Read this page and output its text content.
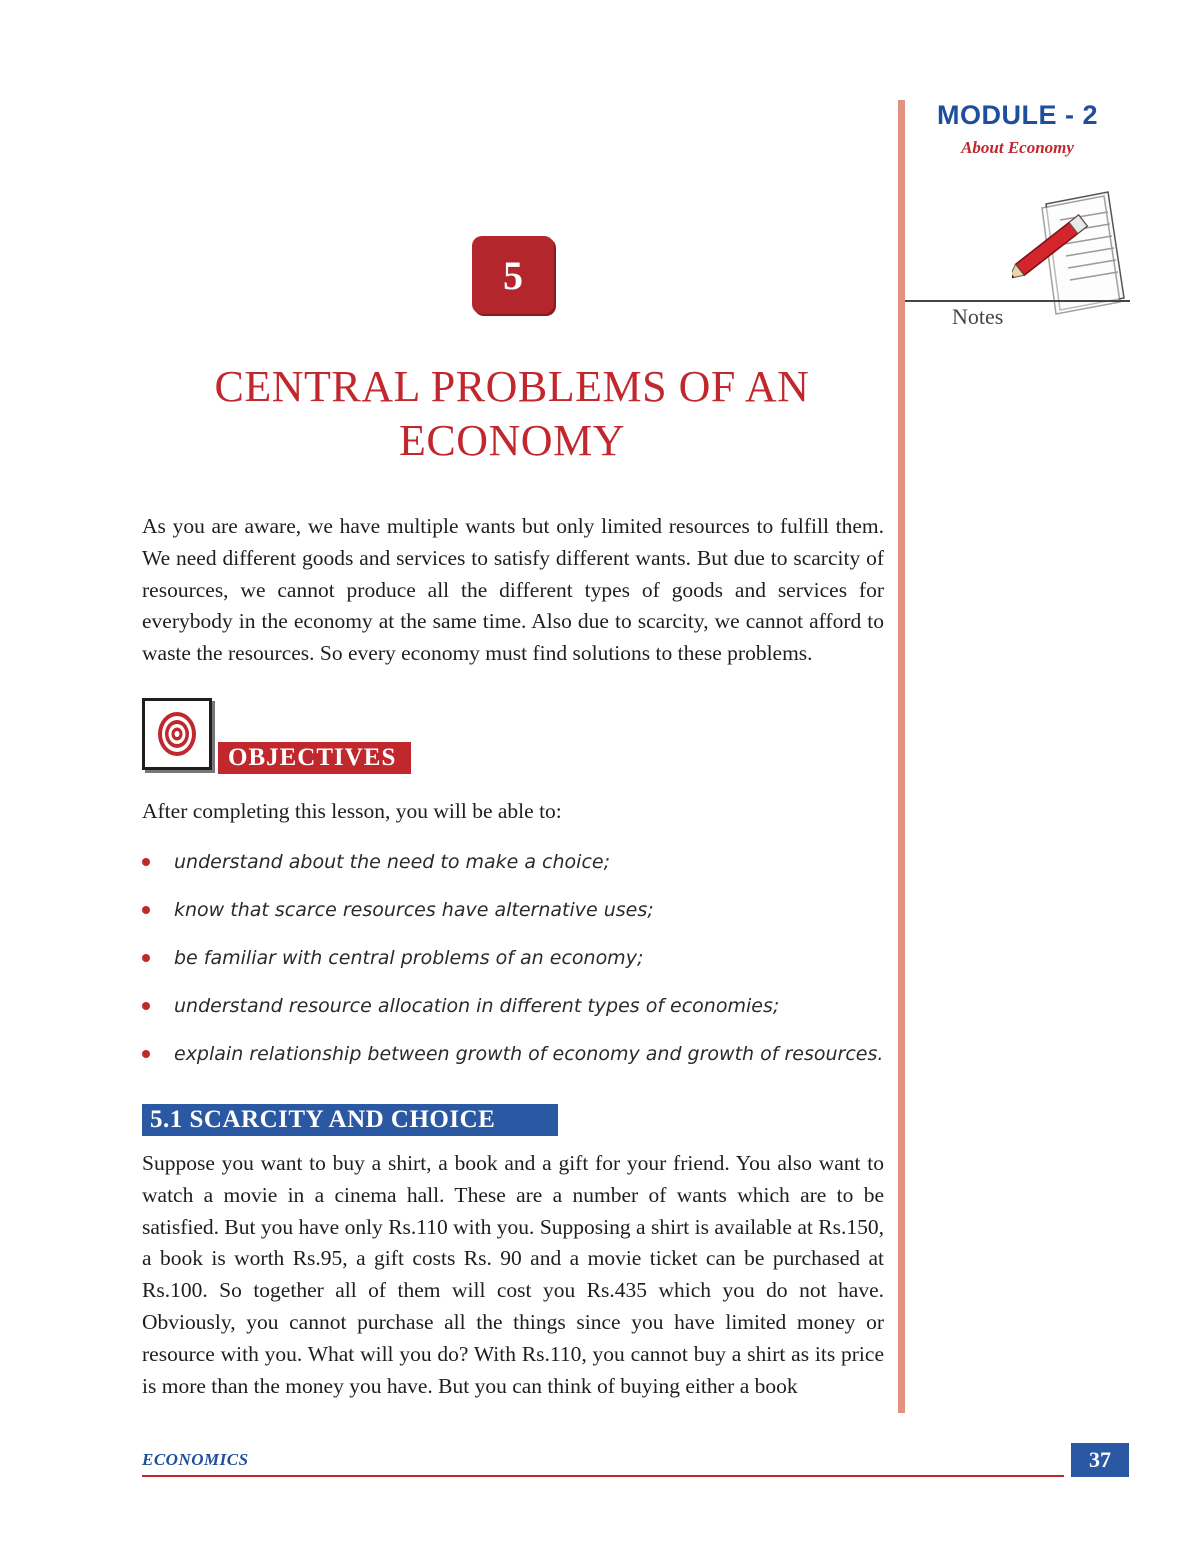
MODULE - 2
About Economy
Notes
5
CENTRAL PROBLEMS OF AN
ECONOMY
As you are aware, we have multiple wants but only limited resources to fulfill them. We need different goods and services to satisfy different wants. But due to scarcity of resources, we cannot produce all the different types of goods and services for everybody in the economy at the same time. Also due to scarcity, we cannot afford to waste the resources. So every economy must find solutions to these problems.
OBJECTIVES
After completing this lesson, you will be able to:
understand about the need to make a choice;
know that scarce resources have alternative uses;
be familiar with central problems of an economy;
understand resource allocation in different types of economies;
explain relationship between growth of economy and growth of resources.
5.1 SCARCITY AND CHOICE
Suppose you want to buy a shirt, a book and a gift for your friend. You also want to watch a movie in a cinema hall. These are a number of wants which are to be satisfied. But you have only Rs.110 with you. Supposing a shirt is available at Rs.150, a book is worth Rs.95, a gift costs Rs. 90 and a movie ticket can be purchased at Rs.100. So together all of them will cost you Rs.435 which you do not have. Obviously, you cannot purchase all the things since you have limited money or resource with you. What will you do? With Rs.110, you cannot buy a shirt as its price is more than the money you have. But you can think of buying either a book
ECONOMICS	37
